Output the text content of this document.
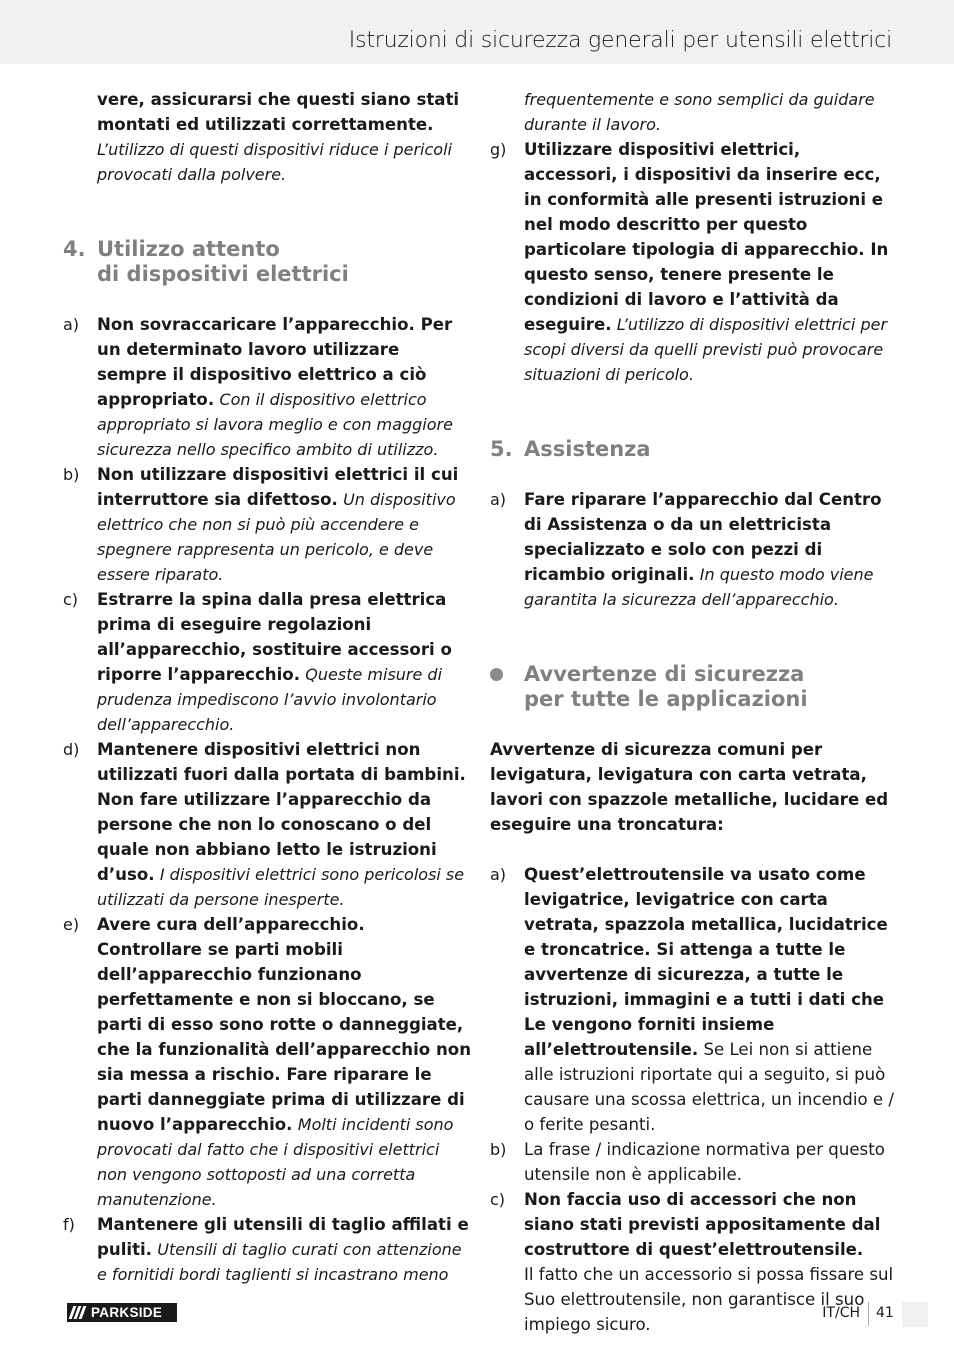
Istruzioni di sicurezza generali per utensili elettrici
vere, assicurarsi che questi siano stati montati ed utilizzati correttamente. L’utilizzo di questi dispositivi riduce i pericoli provocati dalla polvere.
4. Utilizzo attento
di dispositivi elettrici
a)	Non sovraccaricare l’apparecchio. Per un determinato lavoro utilizzare sempre il dispositivo elettrico a ciò appropriato. Con il dispositivo elettrico appropriato si lavora meglio e con maggiore sicurezza nello specifico ambito di utilizzo.
b)	Non utilizzare dispositivi elettrici il cui interruttore sia difettoso. Un dispositivo elettrico che non si può più accendere e spegnere rappresenta un pericolo, e deve essere riparato.
c)	Estrarre la spina dalla presa elettrica prima di eseguire regolazioni all’apparecchio, sostituire accessori o riporre l’apparecchio. Queste misure di prudenza impediscono l’avvio involontario dell’apparecchio.
d)	Mantenere dispositivi elettrici non utilizzati fuori dalla portata di bambini. Non fare utilizzare l’apparecchio da persone che non lo conoscano o del quale non abbiano letto le istruzioni d’uso. I dispositivi elettrici sono pericolosi se utilizzati da persone inesperte.
e)	Avere cura dell’apparecchio. Controllare se parti mobili dell’apparecchio funzionano perfettamente e non si bloccano, se parti di esso sono rotte o danneggiate, che la funzionalità dell’apparecchio non sia messa a rischio. Fare riparare le parti danneggiate prima di utilizzare di nuovo l’apparecchio. Molti incidenti sono provocati dal fatto che i dispositivi elettrici non vengono sottoposti ad una corretta manutenzione.
f)	Mantenere gli utensili di taglio affilati e puliti. Utensili di taglio curati con attenzione e fornitidi bordi taglienti si incastrano meno
frequentemente e sono semplici da guidare durante il lavoro.
g)	Utilizzare dispositivi elettrici, accessori, i dispositivi da inserire ecc, in conformità alle presenti istruzioni e nel modo descritto per questo particolare tipologia di apparecchio. In questo senso, tenere presente le condizioni di lavoro e l’attività da eseguire. L’utilizzo di dispositivi elettrici per scopi diversi da quelli previsti può provocare situazioni di pericolo.
5. Assistenza
a)	Fare riparare l’apparecchio dal Centro di Assistenza o da un elettricista specializzato e solo con pezzi di ricambio originali. In questo modo viene garantita la sicurezza dell’apparecchio.
Avvertenze di sicurezza
per tutte le applicazioni
Avvertenze di sicurezza comuni per levigatura, levigatura con carta vetrata, lavori con spazzole metalliche, lucidare ed eseguire una troncatura:
a)	Quest’elettroutensile va usato come levigatrice, levigatrice con carta vetrata, spazzola metallica, lucidatrice e troncatrice. Si attenga a tutte le avvertenze di sicurezza, a tutte le istruzioni, immagini e a tutti i dati che Le vengono forniti insieme all’elettroutensile. Se Lei non si attiene alle istruzioni riportate qui a seguito, si può causare una scossa elettrica, un incendio e / o ferite pesanti.
b)	La frase / indicazione normativa per questo utensile non è applicabile.
c)	Non faccia uso di accessori che non siano stati previsti appositamente dal costruttore di quest’elettroutensile.
Il fatto che un accessorio si possa fissare sul Suo elettroutensile, non garantisce il suo impiego sicuro.
PARKSIDE	IT/CH 41
